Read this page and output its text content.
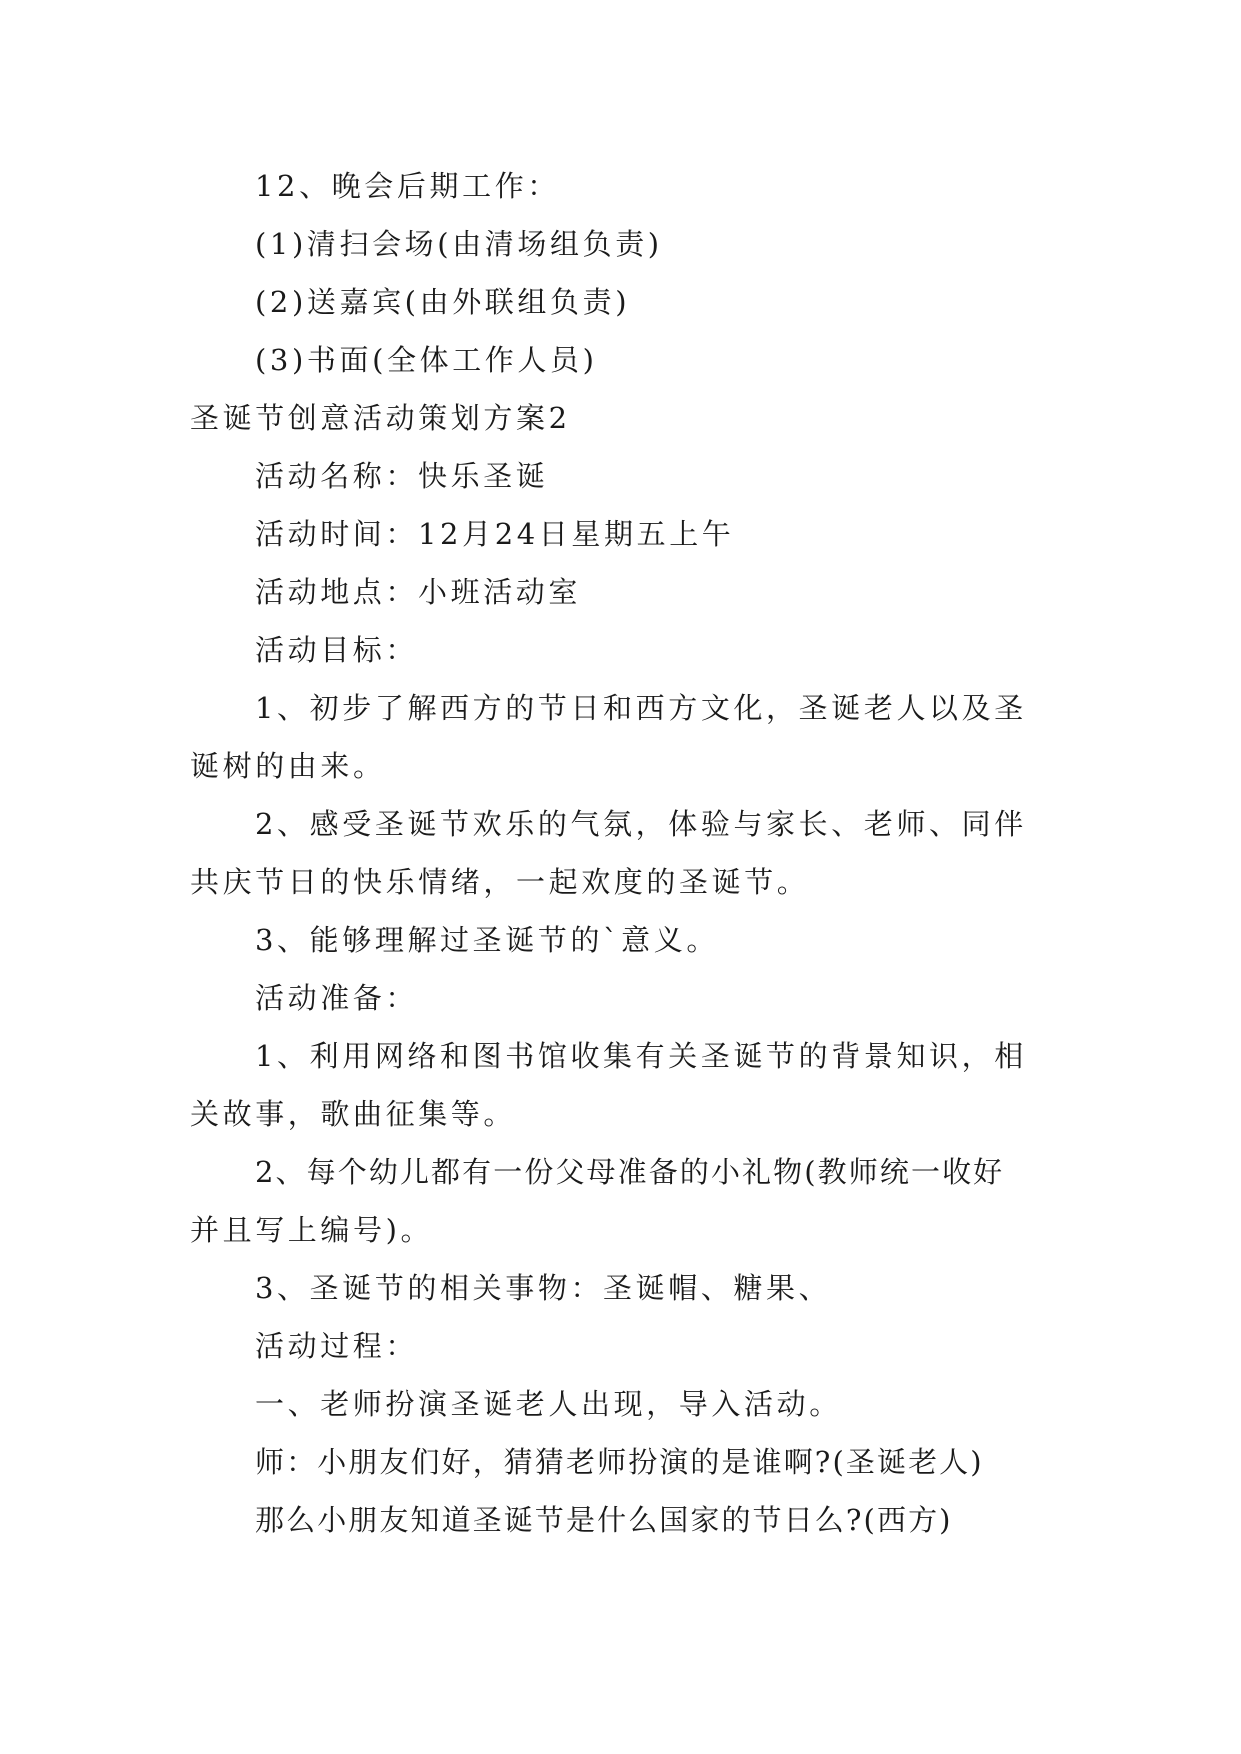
12、晚会后期工作：
(1)清扫会场(由清场组负责)
(2)送嘉宾(由外联组负责)
(3)书面(全体工作人员)
圣诞节创意活动策划方案2
活动名称：快乐圣诞
活动时间：12月24日星期五上午
活动地点：小班活动室
活动目标：
1、初步了解西方的节日和西方文化，圣诞老人以及圣
诞树的由来。
2、感受圣诞节欢乐的气氛，体验与家长、老师、同伴
共庆节日的快乐情绪，一起欢度的圣诞节。
3、能够理解过圣诞节的`意义。
活动准备：
1、利用网络和图书馆收集有关圣诞节的背景知识，相
关故事，歌曲征集等。
2、每个幼儿都有一份父母准备的小礼物(教师统一收好
并且写上编号)。
3、圣诞节的相关事物：圣诞帽、糖果、
活动过程：
一、老师扮演圣诞老人出现，导入活动。
师：小朋友们好，猜猜老师扮演的是谁啊?(圣诞老人)
那么小朋友知道圣诞节是什么国家的节日么?(西方)
